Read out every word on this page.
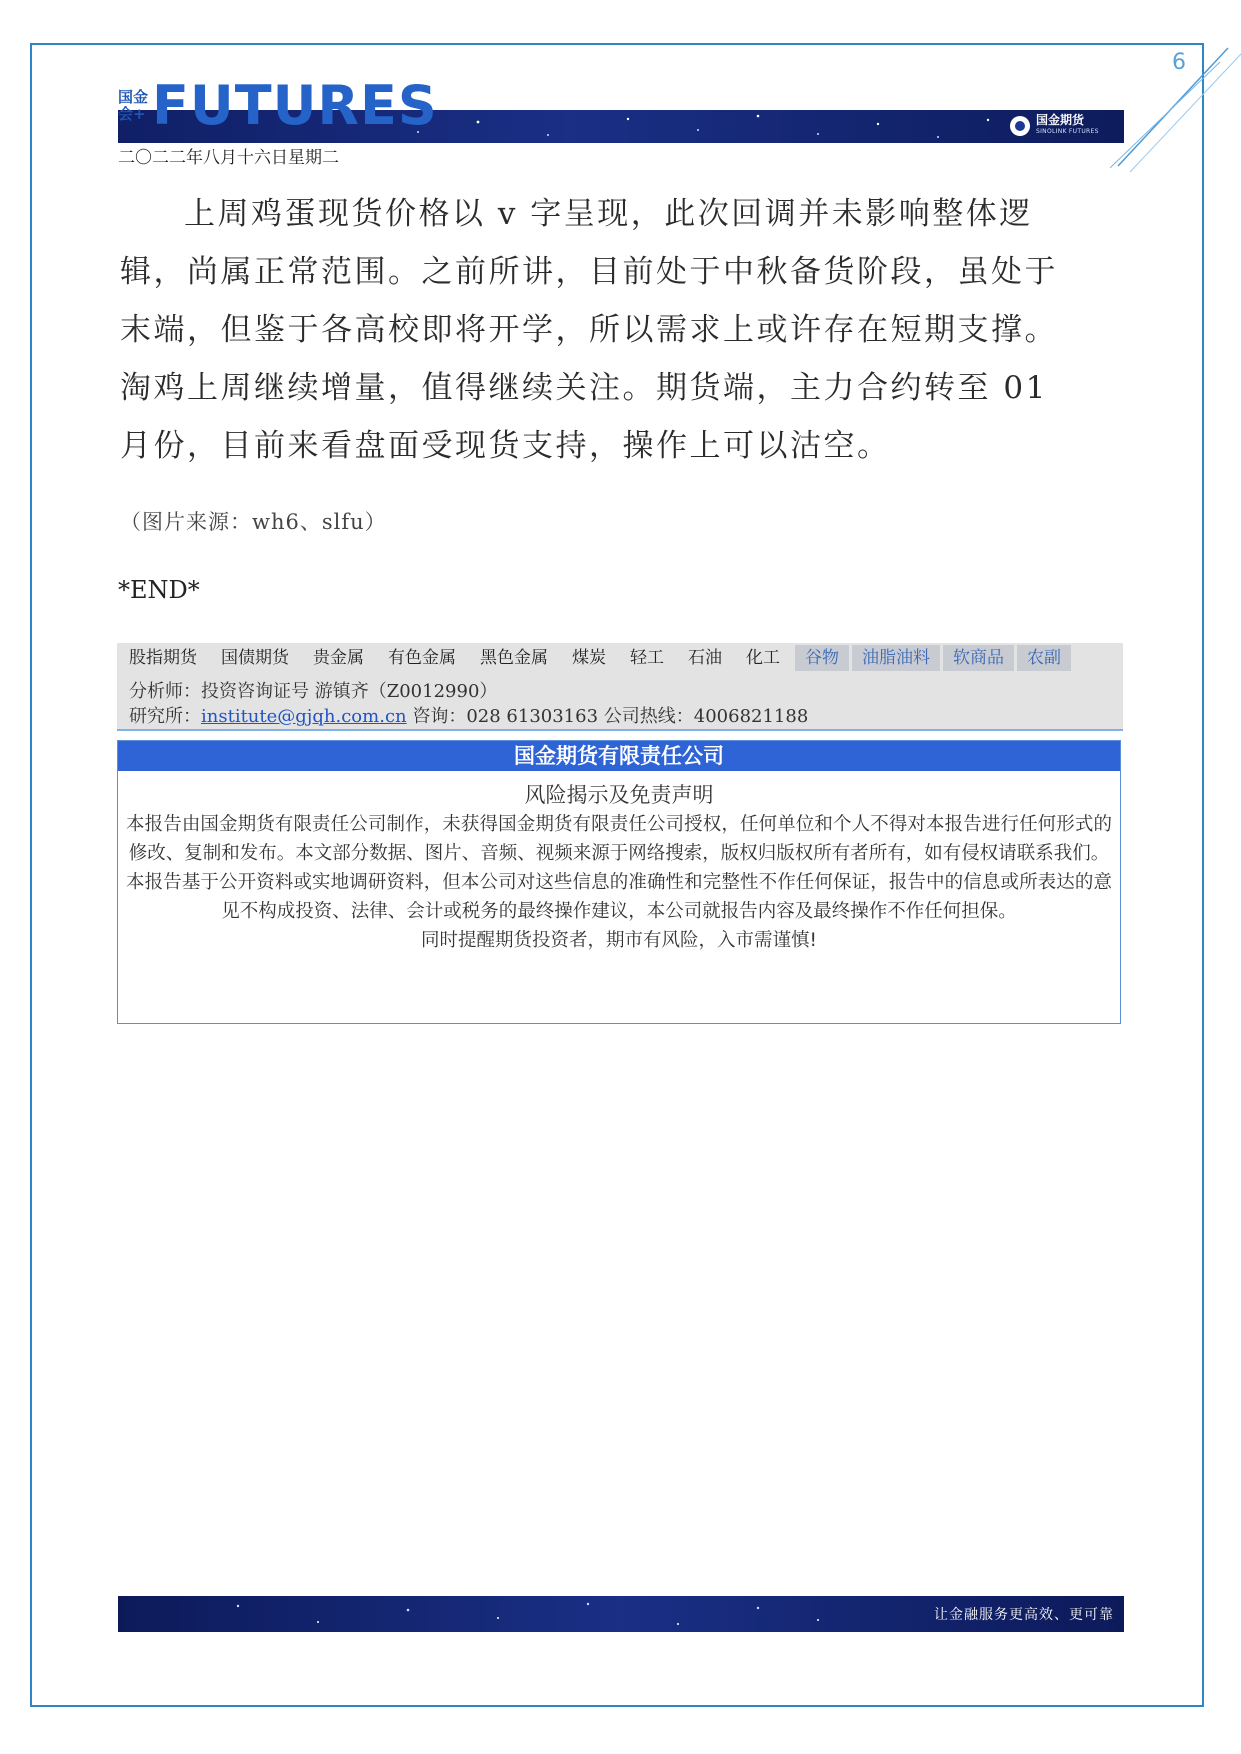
6
国金
会+ FUTURES	国金期货
SINOLINK FUTURES
二〇二二年八月十六日星期二

上周鸡蛋现货价格以 v 字呈现，此次回调并未影响整体逻辑，尚属正常范围。之前所讲，目前处于中秋备货阶段，虽处于末端，但鉴于各高校即将开学，所以需求上或许存在短期支撑。淘鸡上周继续增量，值得继续关注。期货端，主力合约转至 01 月份，目前来看盘面受现货支持，操作上可以沽空。

（图片来源：wh6、slfu）
*END*
股指期货	国债期货	贵金属	有色金属	黑色金属	煤炭	轻工	石油	化工	谷物	油脂油料	软商品	农副
分析师：投资咨询证号 游镇齐（Z0012990）
研究所：institute@gjqh.com.cn 咨询：028 61303163 公司热线：4006821188
国金期货有限责任公司
风险揭示及免责声明

本报告由国金期货有限责任公司制作，未获得国金期货有限责任公司授权，任何单位和个人不得对本报告进行任何形式的修改、复制和发布。本文部分数据、图片、音频、视频来源于网络搜索，版权归版权所有者所有，如有侵权请联系我们。

本报告基于公开资料或实地调研资料，但本公司对这些信息的准确性和完整性不作任何保证，报告中的信息或所表达的意见不构成投资、法律、会计或税务的最终操作建议，本公司就报告内容及最终操作不作任何担保。

同时提醒期货投资者，期市有风险，入市需谨慎!

让金融服务更高效、更可靠
